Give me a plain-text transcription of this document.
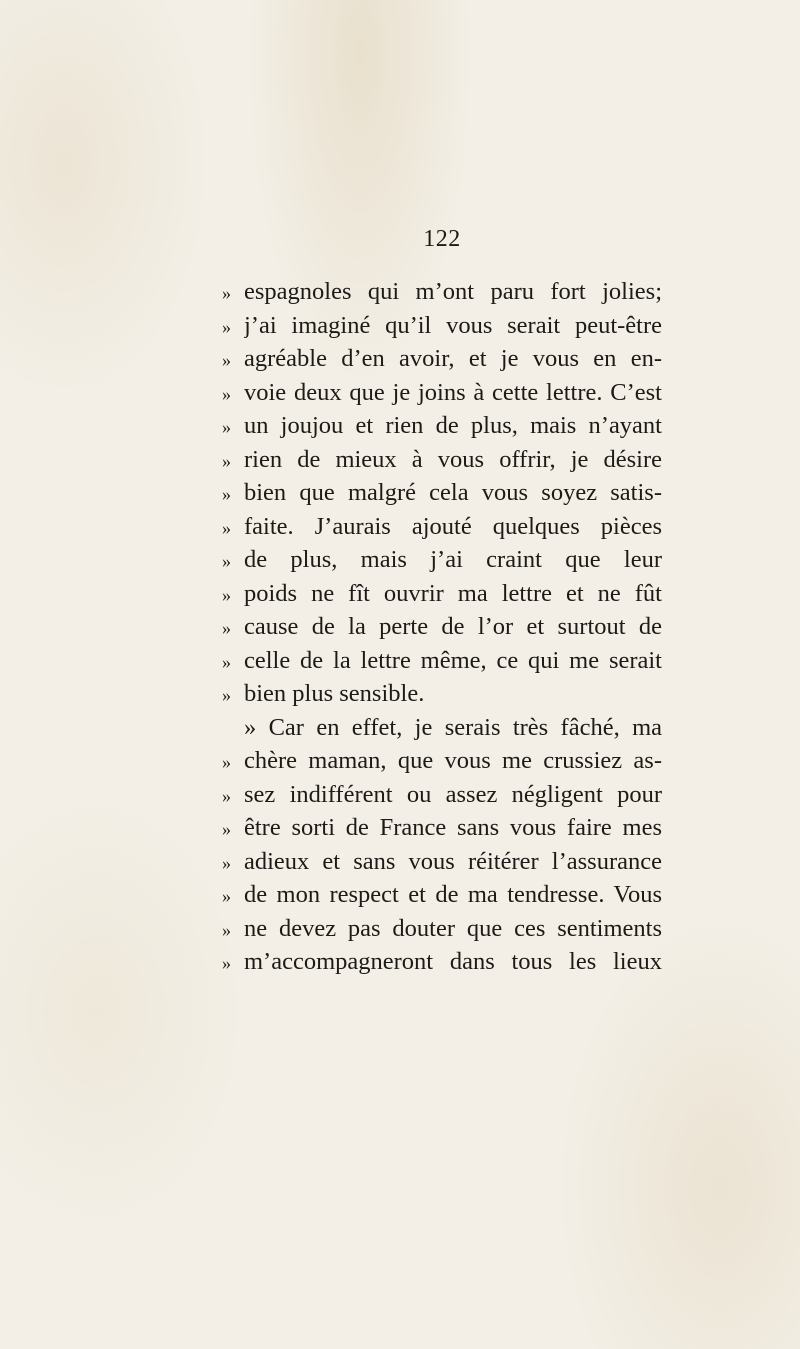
122
» espagnoles qui m’ont paru fort jolies;
» j’ai imaginé qu’il vous serait peut-être
» agréable d’en avoir, et je vous en en-
» voie deux que je joins à cette lettre. C’est
» un joujou et rien de plus, mais n’ayant
» rien de mieux à vous offrir, je désire
» bien que malgré cela vous soyez satis-
» faite. J’aurais ajouté quelques pièces
» de plus, mais j’ai craint que leur
» poids ne fît ouvrir ma lettre et ne fût
» cause de la perte de l’or et surtout de
» celle de la lettre même, ce qui me serait
» bien plus sensible.
» Car en effet, je serais très fâché, ma
» chère maman, que vous me crussiez as-
» sez indifférent ou assez négligent pour
» être sorti de France sans vous faire mes
» adieux et sans vous réitérer l’assurance
» de mon respect et de ma tendresse. Vous
» ne devez pas douter que ces sentiments
» m’accompagneront dans tous les lieux
